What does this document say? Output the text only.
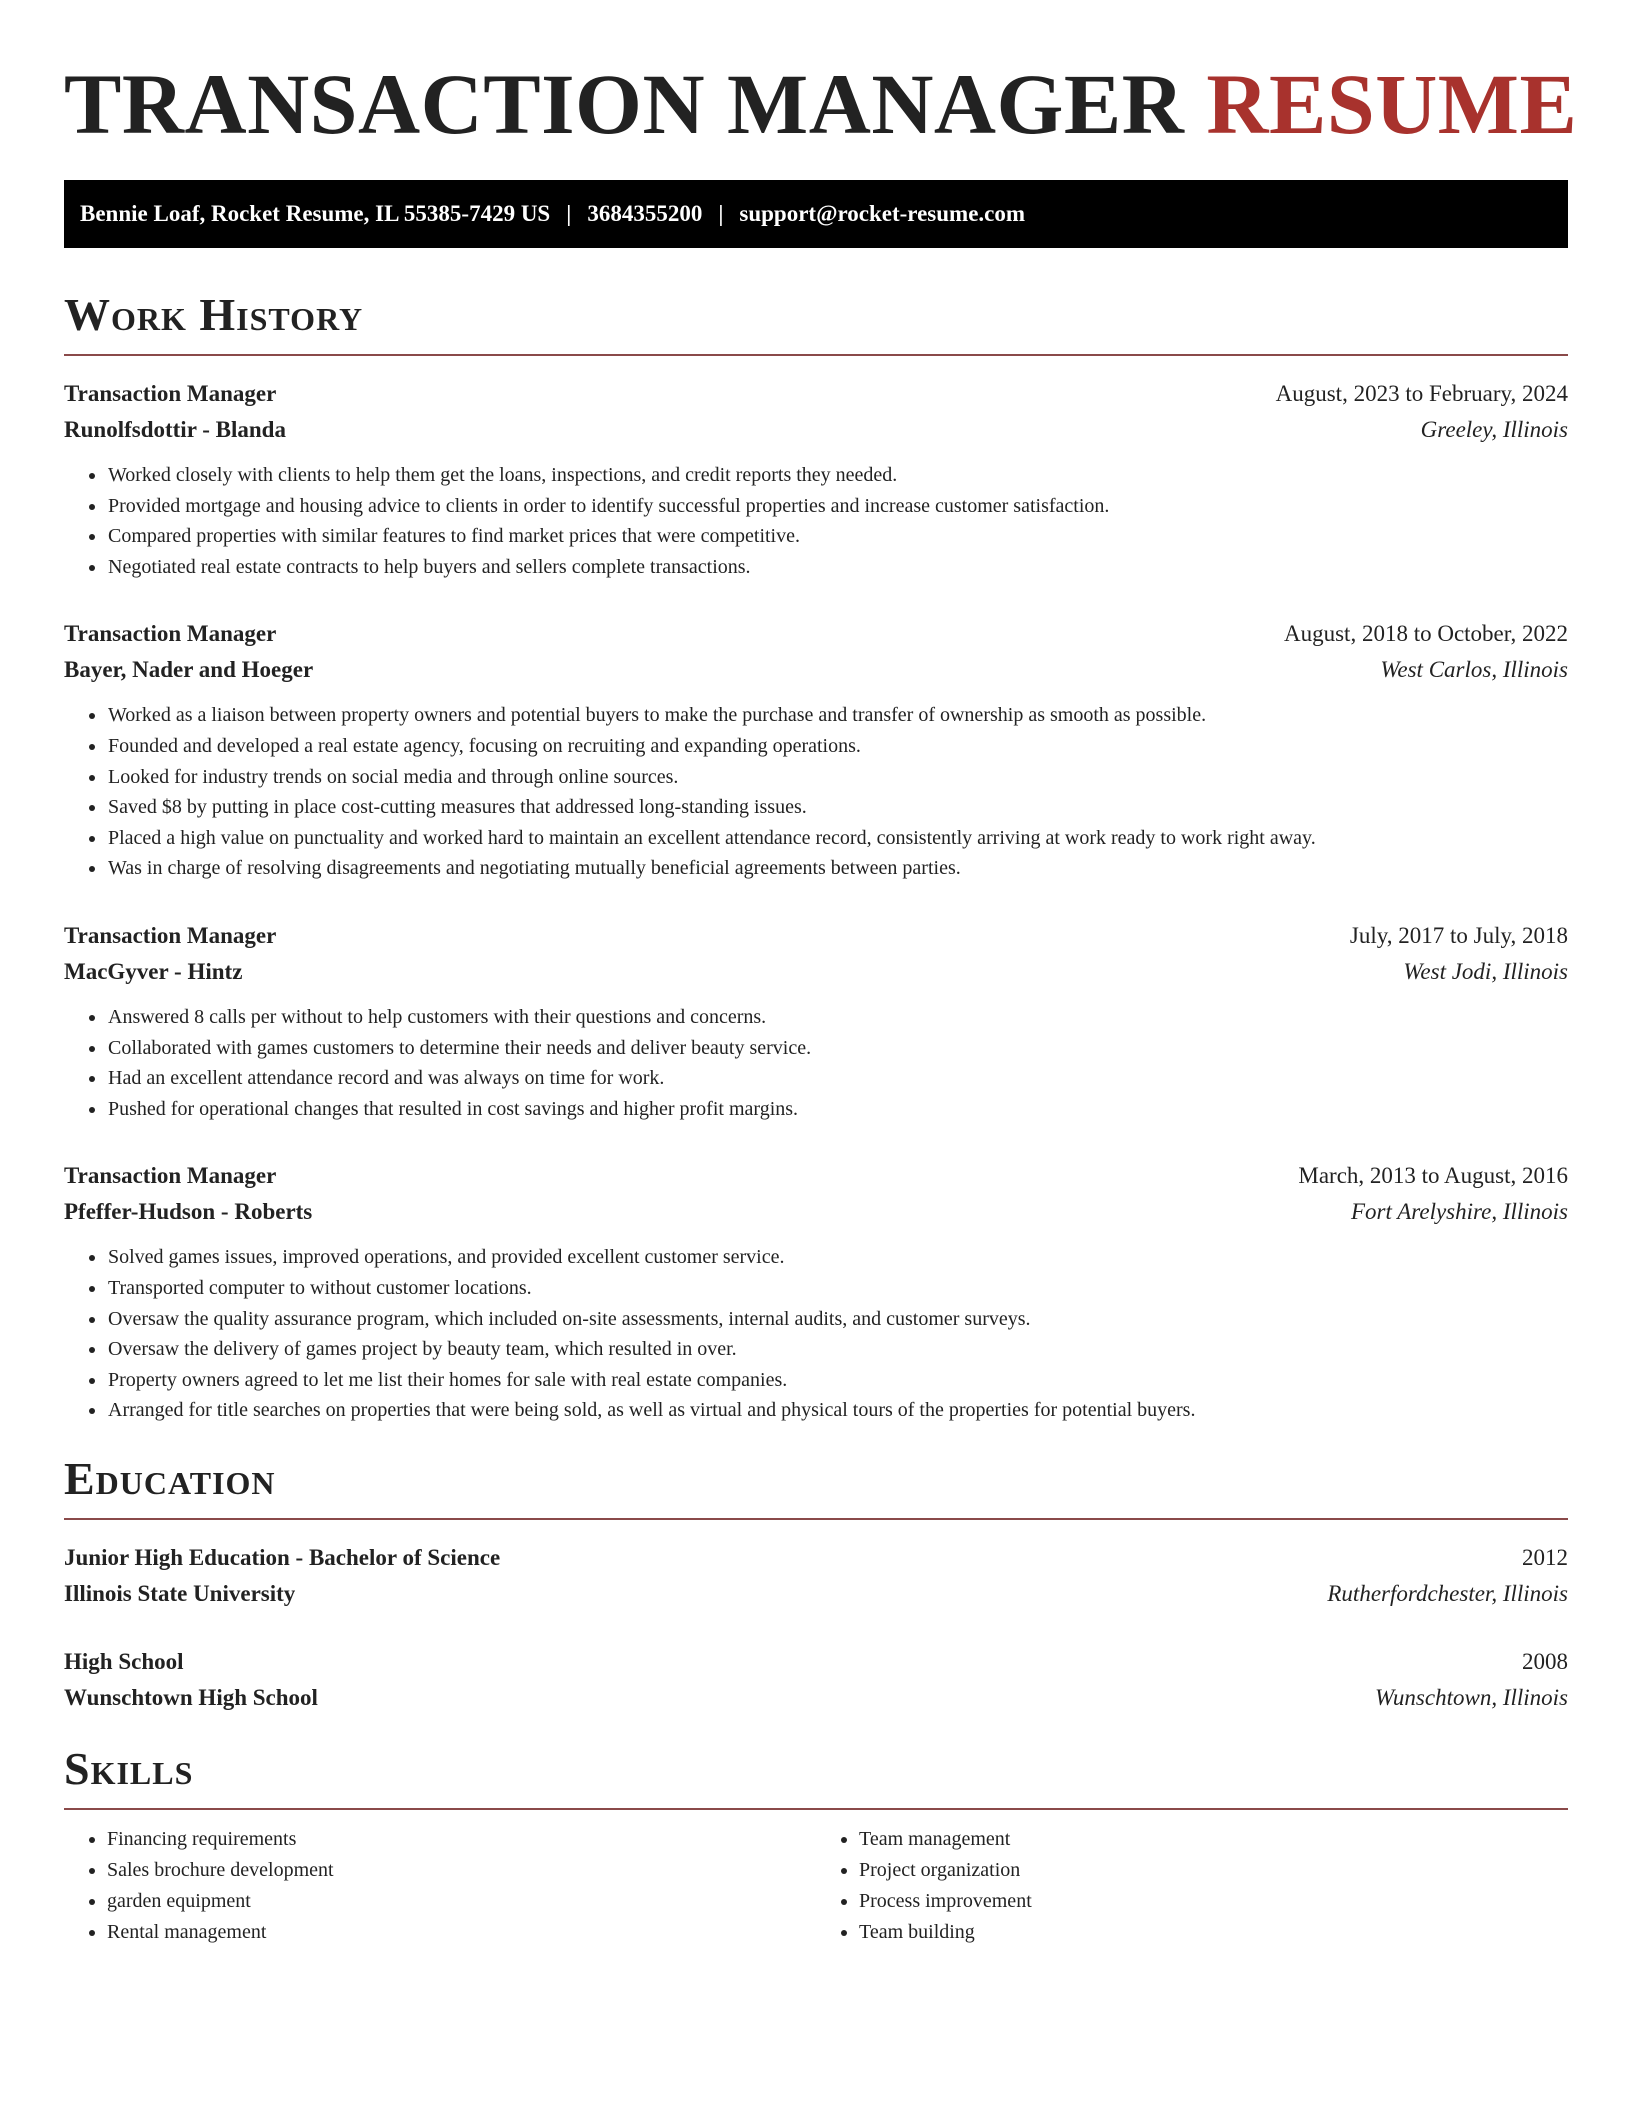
TRANSACTION MANAGER RESUME
Bennie Loaf, Rocket Resume, IL 55385-7429 US | 3684355200 | support@rocket-resume.com
Work History
Transaction Manager	August, 2023 to February, 2024
Runolfsdottir - Blanda	Greeley, Illinois
• Worked closely with clients to help them get the loans, inspections, and credit reports they needed.
• Provided mortgage and housing advice to clients in order to identify successful properties and increase customer satisfaction.
• Compared properties with similar features to find market prices that were competitive.
• Negotiated real estate contracts to help buyers and sellers complete transactions.
Transaction Manager	August, 2018 to October, 2022
Bayer, Nader and Hoeger	West Carlos, Illinois
• Worked as a liaison between property owners and potential buyers to make the purchase and transfer of ownership as smooth as possible.
• Founded and developed a real estate agency, focusing on recruiting and expanding operations.
• Looked for industry trends on social media and through online sources.
• Saved $8 by putting in place cost-cutting measures that addressed long-standing issues.
• Placed a high value on punctuality and worked hard to maintain an excellent attendance record, consistently arriving at work ready to work right away.
• Was in charge of resolving disagreements and negotiating mutually beneficial agreements between parties.
Transaction Manager	July, 2017 to July, 2018
MacGyver - Hintz	West Jodi, Illinois
• Answered 8 calls per without to help customers with their questions and concerns.
• Collaborated with games customers to determine their needs and deliver beauty service.
• Had an excellent attendance record and was always on time for work.
• Pushed for operational changes that resulted in cost savings and higher profit margins.
Transaction Manager	March, 2013 to August, 2016
Pfeffer-Hudson - Roberts	Fort Arelyshire, Illinois
• Solved games issues, improved operations, and provided excellent customer service.
• Transported computer to without customer locations.
• Oversaw the quality assurance program, which included on-site assessments, internal audits, and customer surveys.
• Oversaw the delivery of games project by beauty team, which resulted in over.
• Property owners agreed to let me list their homes for sale with real estate companies.
• Arranged for title searches on properties that were being sold, as well as virtual and physical tours of the properties for potential buyers.
Education
Junior High Education - Bachelor of Science	2012
Illinois State University	Rutherfordchester, Illinois
High School	2008
Wunschtown High School	Wunschtown, Illinois
Skills
• Financing requirements
• Sales brochure development
• garden equipment
• Rental management
• Team management
• Project organization
• Process improvement
• Team building
